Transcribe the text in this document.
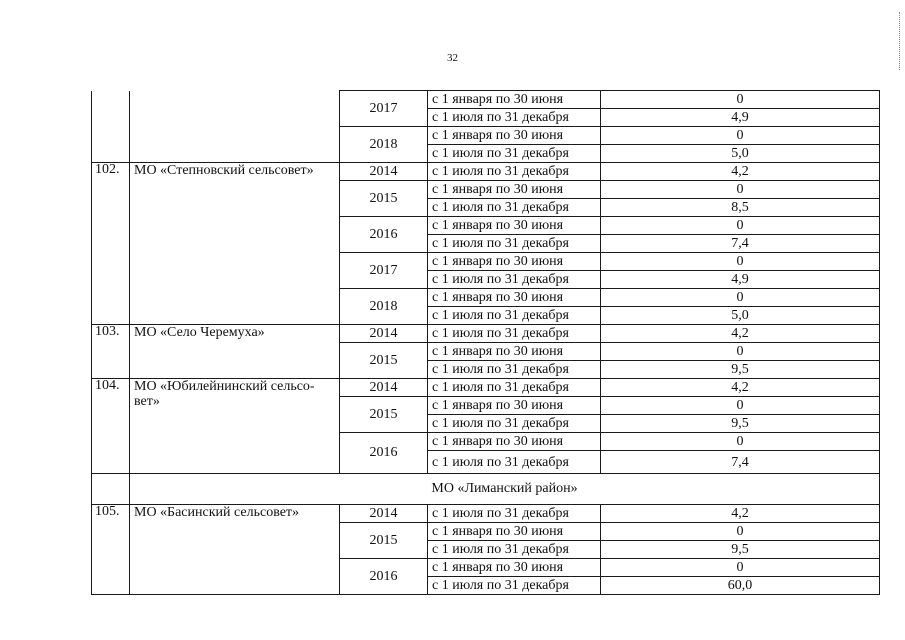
32
		2017	с 1 января по 30 июня	0
			с 1 июля по 31 декабря	4,9
		2018	с 1 января по 30 июня	0
			с 1 июля по 31 декабря	5,0
102.	МО «Степновский сельсовет»	2014	с 1 июля по 31 декабря	4,2
		2015	с 1 января по 30 июня	0
			с 1 июля по 31 декабря	8,5
		2016	с 1 января по 30 июня	0
			с 1 июля по 31 декабря	7,4
		2017	с 1 января по 30 июня	0
			с 1 июля по 31 декабря	4,9
		2018	с 1 января по 30 июня	0
			с 1 июля по 31 декабря	5,0
103.	МО «Село Черемуха»	2014	с 1 июля по 31 декабря	4,2
		2015	с 1 января по 30 июня	0
			с 1 июля по 31 декабря	9,5
104.	МО «Юбилейнинский сельсо-вет»	2014	с 1 июля по 31 декабря	4,2
		2015	с 1 января по 30 июня	0
			с 1 июля по 31 декабря	9,5
		2016	с 1 января по 30 июня	0
			с 1 июля по 31 декабря	7,4
	МО «Лиманский район»			
105.	МО «Басинский сельсовет»	2014	с 1 июля по 31 декабря	4,2
		2015	с 1 января по 30 июня	0
			с 1 июля по 31 декабря	9,5
		2016	с 1 января по 30 июня	0
			с 1 июля по 31 декабря	60,0
